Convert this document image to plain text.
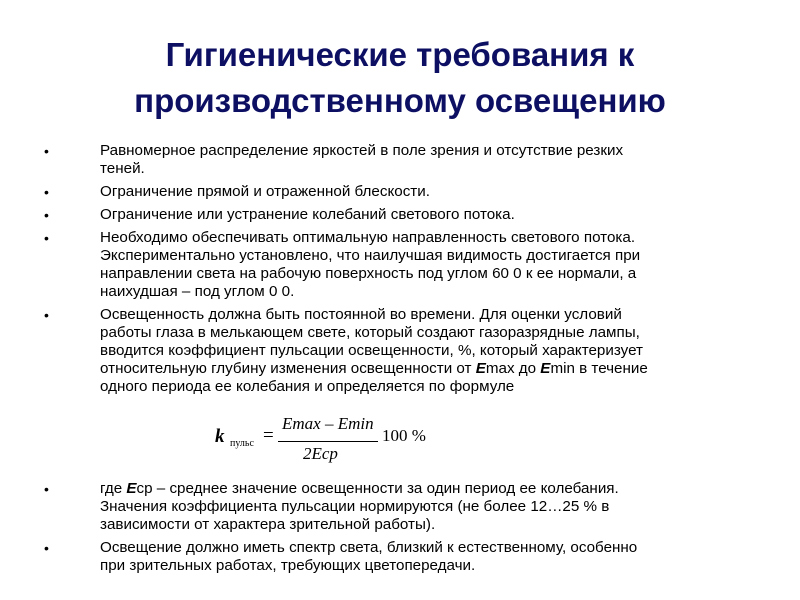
Гигиенические требования к
производственному освещению
•	Равномерное распределение яркостей в поле зрения и отсутствие резких
теней.
•	Ограничение прямой и отраженной блескости.
•	Ограничение или устранение колебаний светового потока.
•	Необходимо обеспечивать оптимальную направленность светового потока.
Экспериментально установлено, что наилучшая видимость достигается при
направлении света на рабочую поверхность под углом 60 0 к ее нормали, а
наихудшая – под углом 0 0.
•	Освещенность должна быть постоянной во времени. Для оценки условий
работы глаза в мелькающем свете, который создают газоразрядные лампы,
вводится коэффициент пульсации освещенности, %, который характеризует
относительную глубину изменения освещенности от Emax до Emin в течение
одного периода ее колебания и определяется по формуле
k пульс =
Emax – Emin
2Eср
100 %
•	где Eср – среднее значение освещенности за один период ее колебания.
Значения коэффициента пульсации нормируются (не более 12…25 % в
зависимости от характера зрительной работы).
•	Освещение должно иметь спектр света, близкий к естественному, особенно
при зрительных работах, требующих цветопередачи.
